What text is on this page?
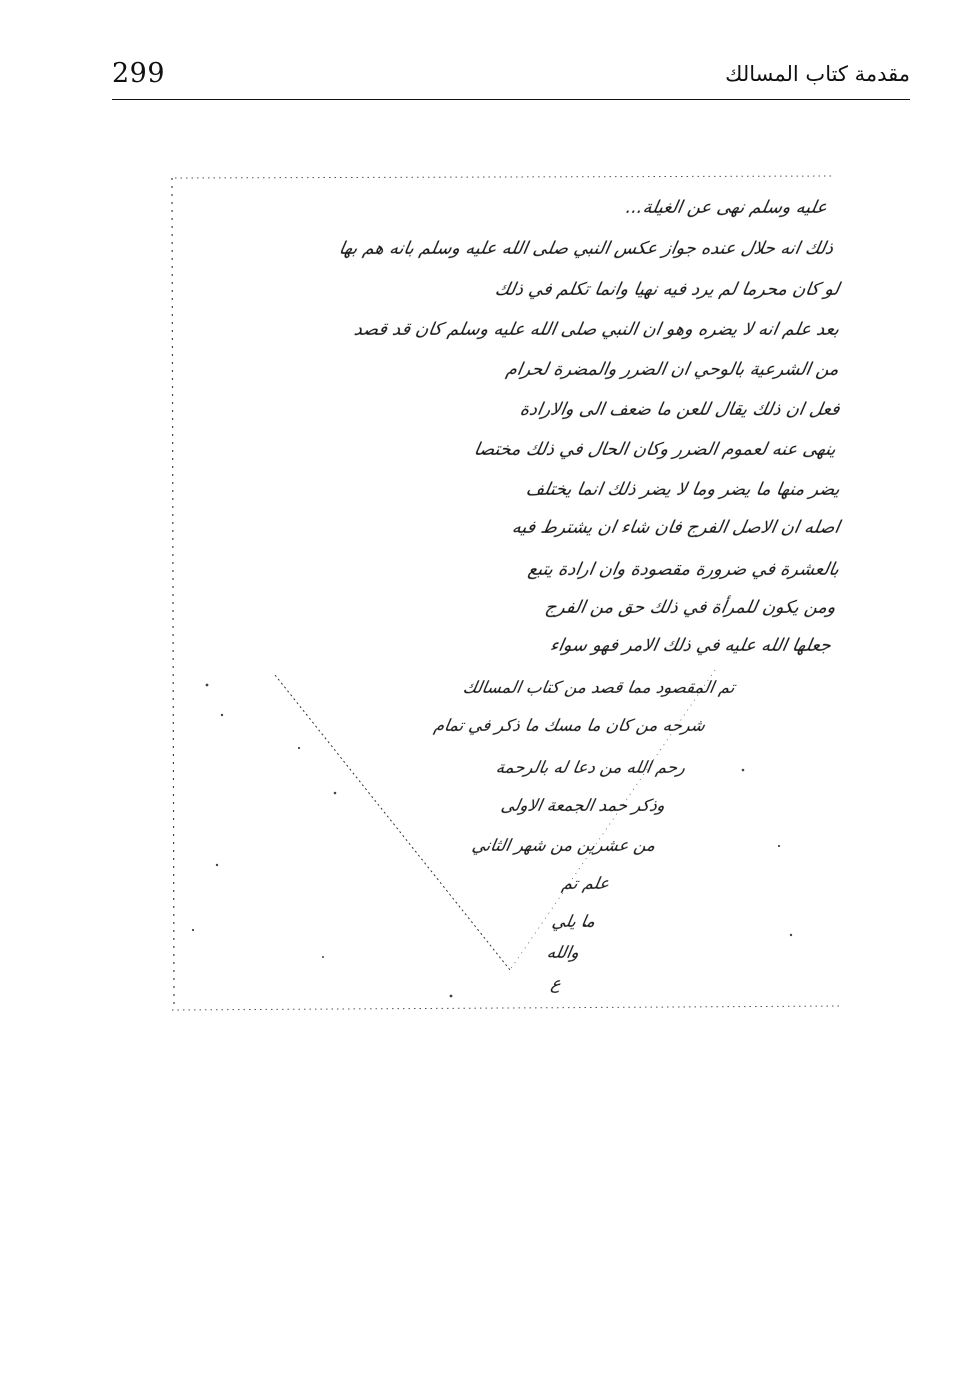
299	مقدمة كتاب المسالك
عليه وسلم نهى عن الغيلة...
ذلك انه حلال عنده جواز عكس النبي صلى الله عليه وسلم بانه هم بها
لو كان محرما لم يرد فيه نهيا وانما تكلم في ذلك
بعد علم انه لا يضره وهو ان النبي صلى الله عليه وسلم كان قد قصد
من الشرعية بالوحي ان الضرر والمضرة لحرام
فعل ان ذلك يقال للعن ما ضعف الى والارادة
ينهى عنه لعموم الضرر وكان الحال في ذلك مختصا
يضر منها ما يضر وما لا يضر ذلك انما يختلف
اصله ان الاصل الفرج فان شاء ان يشترط فيه
بالعشرة في ضرورة مقصودة وان ارادة يتبع
ومن يكون للمرأة في ذلك حق من الفرج
جعلها الله عليه في ذلك الامر فهو سواء
تم المقصود مما قصد من كتاب المسالك
شرحه من كان ما مسك ما ذكر في تمام
رحم الله من دعا له بالرحمة
وذكر حمد الجمعة الاولى
من عشرين من شهر الثاني
علم تم
ما يلي
والله
ع
